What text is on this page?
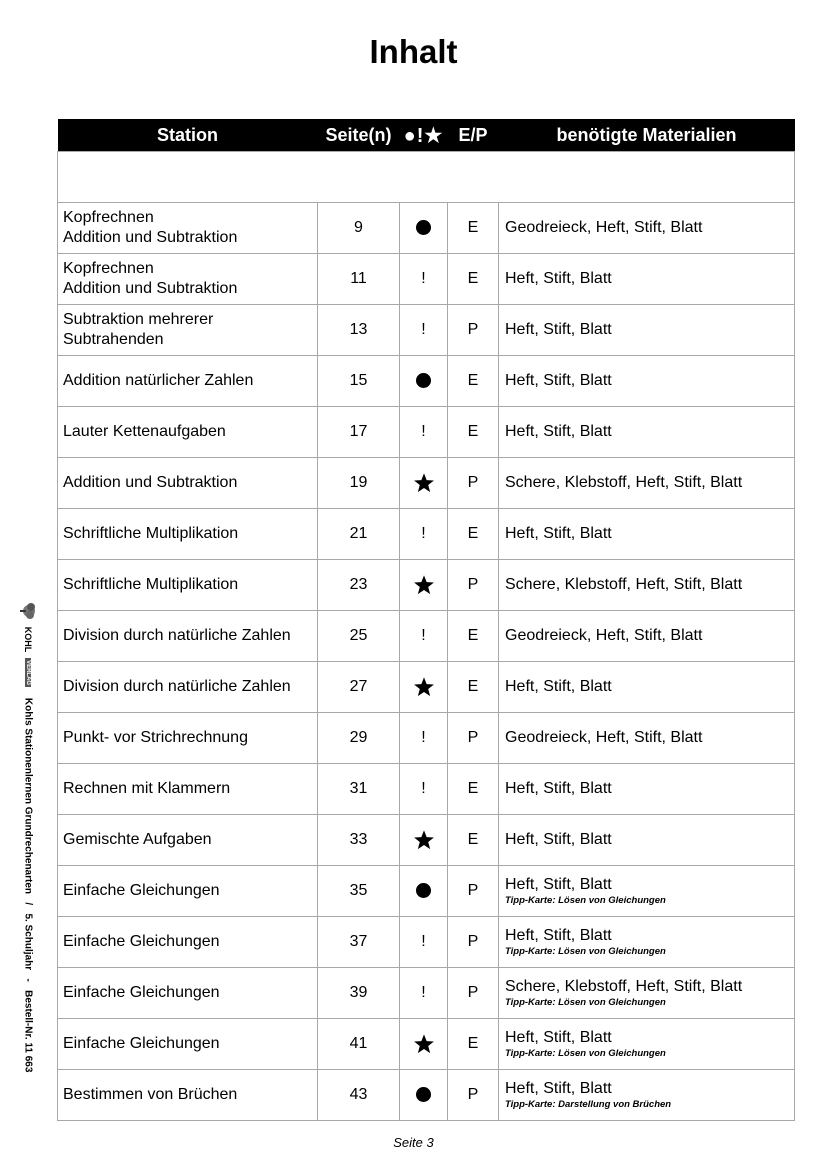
Inhalt
Station	Seite(n)	●!★	E/P	benötigte Materialien

Kopfrechnen
Addition und Subtraktion	9		E	Geodreieck, Heft, Stift, Blatt

Kopfrechnen
Addition und Subtraktion	11	!	E	Heft, Stift, Blatt

Subtraktion mehrerer
Subtrahenden	13	!	P	Heft, Stift, Blatt

Addition natürlicher Zahlen	15		E	Heft, Stift, Blatt

Lauter Kettenaufgaben	17	!	E	Heft, Stift, Blatt

Addition und Subtraktion	19		P	Schere, Klebstoff, Heft, Stift, Blatt

Schriftliche Multiplikation	21	!	E	Heft, Stift, Blatt

Schriftliche Multiplikation	23		P	Schere, Klebstoff, Heft, Stift, Blatt

Division durch natürliche Zahlen	25	!	E	Geodreieck, Heft, Stift, Blatt

Division durch natürliche Zahlen	27		E	Heft, Stift, Blatt

Punkt- vor Strichrechnung	29	!	P	Geodreieck, Heft, Stift, Blatt

Rechnen mit Klammern	31	!	E	Heft, Stift, Blatt

Gemischte Aufgaben	33		E	Heft, Stift, Blatt

Einfache Gleichungen	35		P	Heft, Stift, Blatt
Tipp-Karte: Lösen von Gleichungen

Einfache Gleichungen	37	!	P	Heft, Stift, Blatt
Tipp-Karte: Lösen von Gleichungen

Einfache Gleichungen	39	!	P	Schere, Klebstoff, Heft, Stift, Blatt
Tipp-Karte: Lösen von Gleichungen

Einfache Gleichungen	41		E	Heft, Stift, Blatt
Tipp-Karte: Lösen von Gleichungen

Bestimmen von Brüchen	43		P	Heft, Stift, Blatt
Tipp-Karte: Darstellung von Brüchen
Seite 3
KOHL VERLAG Kohls Stationenlernen Grundrechenarten   /   5. Schuljahr   -   Bestell-Nr. 11 663
